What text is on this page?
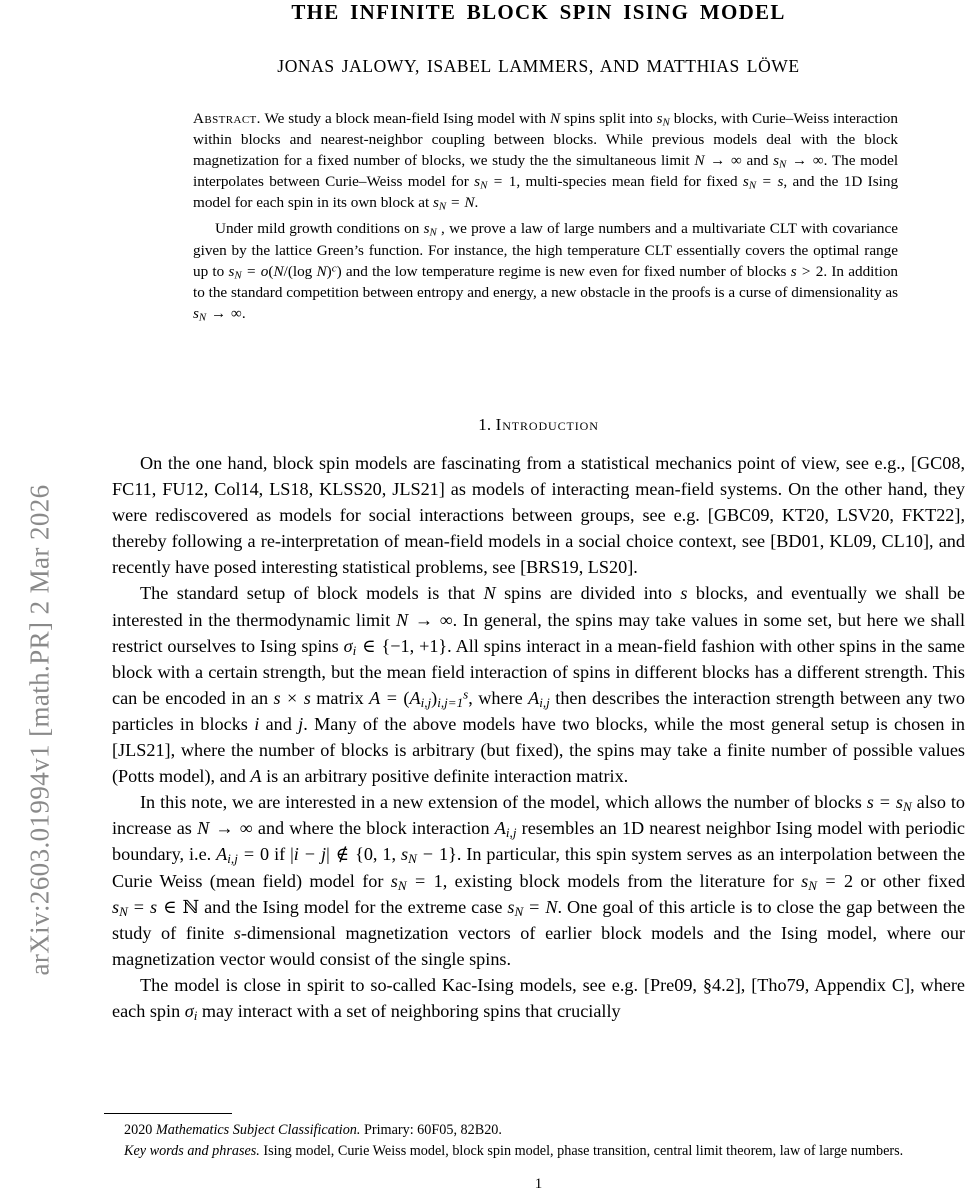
arXiv:2603.01994v1 [math.PR] 2 Mar 2026
THE INFINITE BLOCK SPIN ISING MODEL
JONAS JALOWY, ISABEL LAMMERS, AND MATTHIAS LÖWE

Abstract. We study a block mean-field Ising model with N spins split into $s_N$ blocks, with Curie–Weiss interaction within blocks and nearest-neighbor coupling between blocks. While previous models deal with the block magnetization for a fixed number of blocks, we study the the simultaneous limit N → ∞ and $s_N$ → ∞. The model interpolates between Curie–Weiss model for $s_N = 1$, multi-species mean field for fixed $s_N = s$, and the 1D Ising model for each spin in its own block at $s_N = N$.

Under mild growth conditions on $s_N$ , we prove a law of large numbers and a multivariate CLT with covariance given by the lattice Green’s function. For instance, the high temperature CLT essentially covers the optimal range up to $s_N = o(N/(\log$ N)$^c$) and the low temperature regime is new even for fixed number of blocks s > 2. In addition to the standard competition between entropy and energy, a new obstacle in the proofs is a curse of dimensionality as $s_N$ → ∞.

1. Introduction

On the one hand, block spin models are fascinating from a statistical mechanics point of view, see e.g., [GC08, FC11, FU12, Col14, LS18, KLSS20, JLS21] as models of interacting mean-field systems. On the other hand, they were rediscovered as models for social interactions between groups, see e.g. [GBC09, KT20, LSV20, FKT22], thereby following a re-interpretation of mean-field models in a social choice context, see [BD01, KL09, CL10], and recently have posed interesting statistical problems, see [BRS19, LS20].

The standard setup of block models is that N spins are divided into s blocks, and eventually we shall be interested in the thermodynamic limit N → ∞. In general, the spins may take values in some set, but here we shall restrict ourselves to Ising spins $\sigma_i$ ∈ {−1, +1}. All spins interact in a mean-field fashion with other spins in the same block with a certain strength, but the mean field interaction of spins in different blocks has a different strength. This can be encoded in an s × s matrix $A = (A_{i,j})_{i,j=1}^s$, where $A_{i,j}$ then describes the interaction strength between any two particles in blocks i and j. Many of the above models have two blocks, while the most general setup is chosen in [JLS21], where the number of blocks is arbitrary (but fixed), the spins may take a finite number of possible values (Potts model), and A is an arbitrary positive definite interaction matrix.

In this note, we are interested in a new extension of the model, which allows the number of blocks $s = s_N$ also to increase as N → ∞ and where the block interaction $A_{i,j}$ resembles an 1D nearest neighbor Ising model with periodic boundary, i.e. $A_{i,j} = 0$ if |i − j| ∉ {0, 1, $s_N - 1$}. In particular, this spin system serves as an interpolation between the Curie Weiss (mean field) model for $s_N = 1$, existing block models from the literature for $s_N = 2$ or other fixed $s_N = s$ ∈ ℕ and the Ising model for the extreme case $s_N = N$. One goal of this article is to close the gap between the study of finite s-dimensional magnetization vectors of earlier block models and the Ising model, where our magnetization vector would consist of the single spins.

The model is close in spirit to so-called Kac-Ising models, see e.g. [Pre09, §4.2], [Tho79, Appendix C], where each spin $\sigma_i$ may interact with a set of neighboring spins that crucially

2020 Mathematics Subject Classification. Primary: 60F05, 82B20.

Key words and phrases. Ising model, Curie Weiss model, block spin model, phase transition, central limit theorem, law of large numbers.

1
